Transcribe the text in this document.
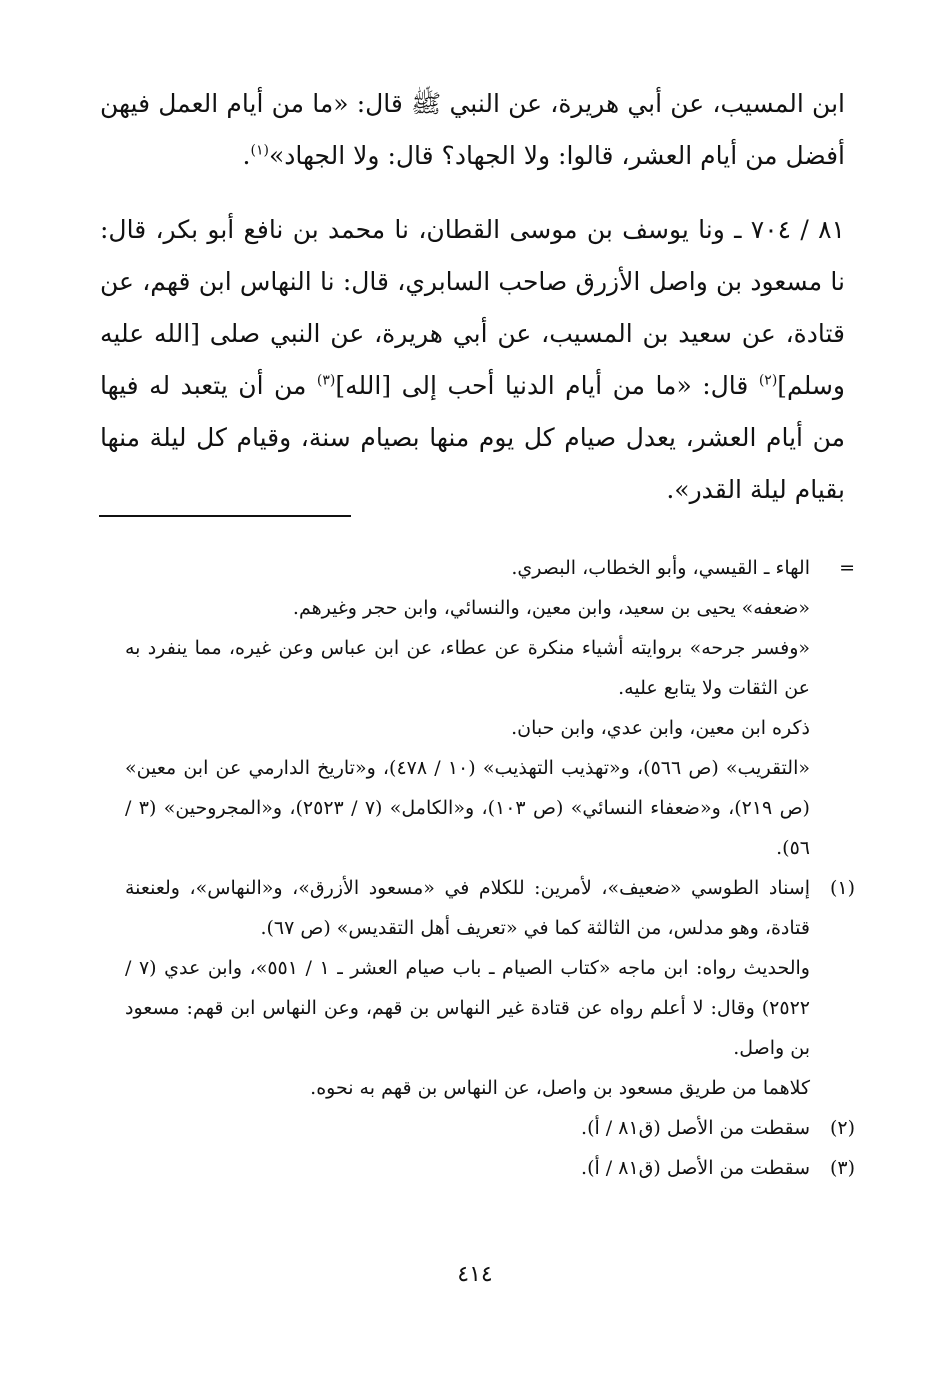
ابن المسيب، عن أبي هريرة، عن النبي ﷺ قال: «ما من أيام العمل فيهن أفضل من أيام العشر، قالوا: ولا الجهاد؟ قال: ولا الجهاد»$^{(١)}$.

٨١ / ٧٠٤ ـ ونا يوسف بن موسى القطان، نا محمد بن نافع أبو بكر، قال: نا مسعود بن واصل الأزرق صاحب السابري، قال: نا النهاس ابن قهم، عن قتادة، عن سعيد بن المسيب، عن أبي هريرة، عن النبي صلى [الله عليه وسلم]$^{(٢)}$ قال: «ما من أيام الدنيا أحب إلى [الله]$^{(٣)}$ من أن يتعبد له فيها من أيام العشر، يعدل صيام كل يوم منها بصيام سنة، وقيام كل ليلة منها بقيام ليلة القدر».

=

الهاء ـ القيسي، وأبو الخطاب، البصري.

«ضعفه» يحيى بن سعيد، وابن معين، والنسائي، وابن حجر وغيرهم.

«وفسر جرحه» بروايته أشياء منكرة عن عطاء، عن ابن عباس وعن غيره، مما ينفرد به عن الثقات ولا يتابع عليه.

ذكره ابن معين، وابن عدي، وابن حبان.

«التقريب» (ص ٥٦٦)، و«تهذيب التهذيب» (١٠ / ٤٧٨)، و«تاريخ الدارمي عن ابن معين» (ص ٢١٩)، و«ضعفاء النسائي» (ص ١٠٣)، و«الكامل» (٧ / ٢٥٢٣)، و«المجروحين» (٣ / ٥٦).

(١)

إسناد الطوسي «ضعيف»، لأمرين: للكلام في «مسعود الأزرق»، و«النهاس»، ولعنعنة قتادة، وهو مدلس، من الثالثة كما في «تعريف أهل التقديس» (ص ٦٧).

والحديث رواه: ابن ماجه «كتاب الصيام ـ باب صيام العشر ـ ١ / ٥٥١»، وابن عدي (٧ / ٢٥٢٢) وقال: لا أعلم رواه عن قتادة غير النهاس بن قهم، وعن النهاس ابن قهم: مسعود بن واصل.

كلاهما من طريق مسعود بن واصل، عن النهاس بن قهم به نحوه.

(٢)

سقطت من الأصل (ق٨١ / أ).

(٣)

سقطت من الأصل (ق٨١ / أ).

٤١٤
